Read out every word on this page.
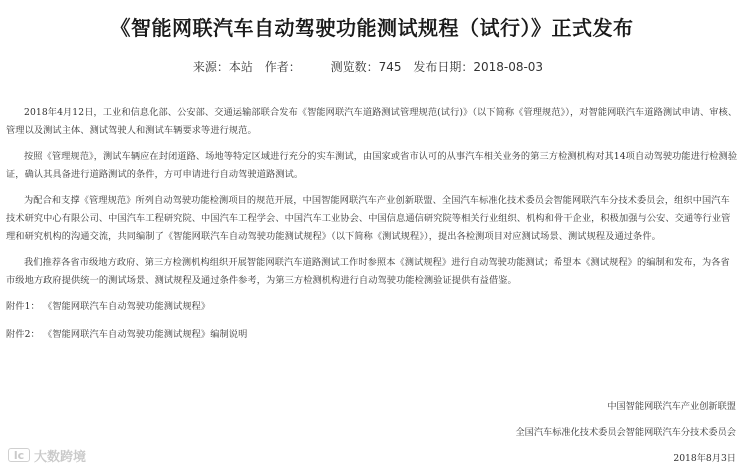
《智能网联汽车自动驾驶功能测试规程（试行）》正式发布
来源：本站 作者： 测览数：745 发布日期：2018-08-03

2018年4月12日，工业和信息化部、公安部、交通运输部联合发布《智能网联汽车道路测试管理规范(试行)》（以下简称《管理规范》），对智能网联汽车道路测试申请、审核、管理以及测试主体、测试驾驶人和测试车辆要求等进行规范。

按照《管理规范》，测试车辆应在封闭道路、场地等特定区域进行充分的实车测试，由国家或省市认可的从事汽车相关业务的第三方检测机构对其14项自动驾驶功能进行检测验证，确认其具备进行道路测试的条件，方可申请进行自动驾驶道路测试。

为配合和支撑《管理规范》所列自动驾驶功能检测项目的规范开展，中国智能网联汽车产业创新联盟、全国汽车标准化技术委员会智能网联汽车分技术委员会，组织中国汽车技术研究中心有限公司、中国汽车工程研究院、中国汽车工程学会、中国汽车工业协会、中国信息通信研究院等相关行业组织、机构和骨干企业，积极加强与公安、交通等行业管理和研究机构的沟通交流，共同编制了《智能网联汽车自动驾驶功能测试规程》（以下简称《测试规程》），提出各检测项目对应测试场景、测试规程及通过条件。

我们推荐各省市级地方政府、第三方检测机构组织开展智能网联汽车道路测试工作时参照本《测试规程》进行自动驾驶功能测试；希望本《测试规程》的编制和发布，为各省市级地方政府提供统一的测试场景、测试规程及通过条件参考，为第三方检测机构进行自动驾驶功能检测验证提供有益借鉴。

附件1： 《智能网联汽车自动驾驶功能测试规程》
附件2： 《智能网联汽车自动驾驶功能测试规程》编制说明
中国智能网联汽车产业创新联盟
全国汽车标准化技术委员会智能网联汽车分技术委员会
2018年8月3日
lc 大数跨境
